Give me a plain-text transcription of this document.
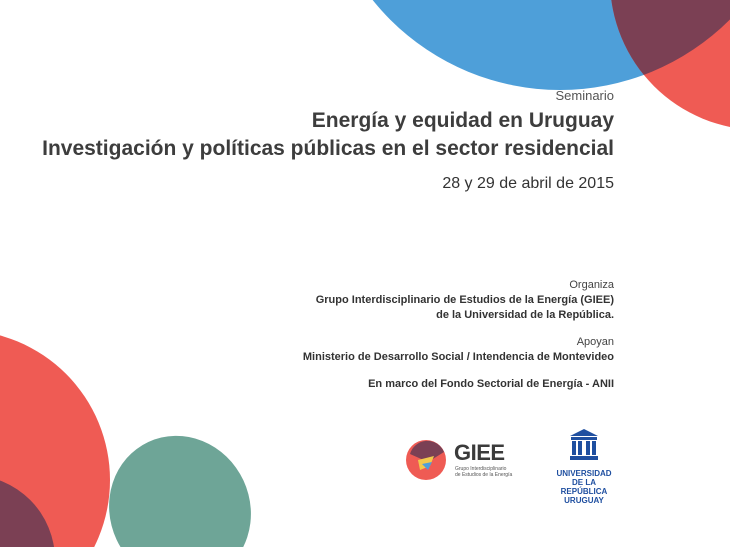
Seminario
Energía y equidad en Uruguay
Investigación y políticas públicas en el sector residencial
28 y 29 de abril de 2015
Organiza
Grupo Interdisciplinario de Estudios de la Energía (GIEE)
de la Universidad de la República.
Apoyan
Ministerio de Desarrollo Social / Intendencia de Montevideo
En marco del Fondo Sectorial de Energía - ANII
GIEE
Grupo Interdisciplinario
de Estudios de la Energía	UNIVERSIDAD
DE LA REPÚBLICA
URUGUAY
